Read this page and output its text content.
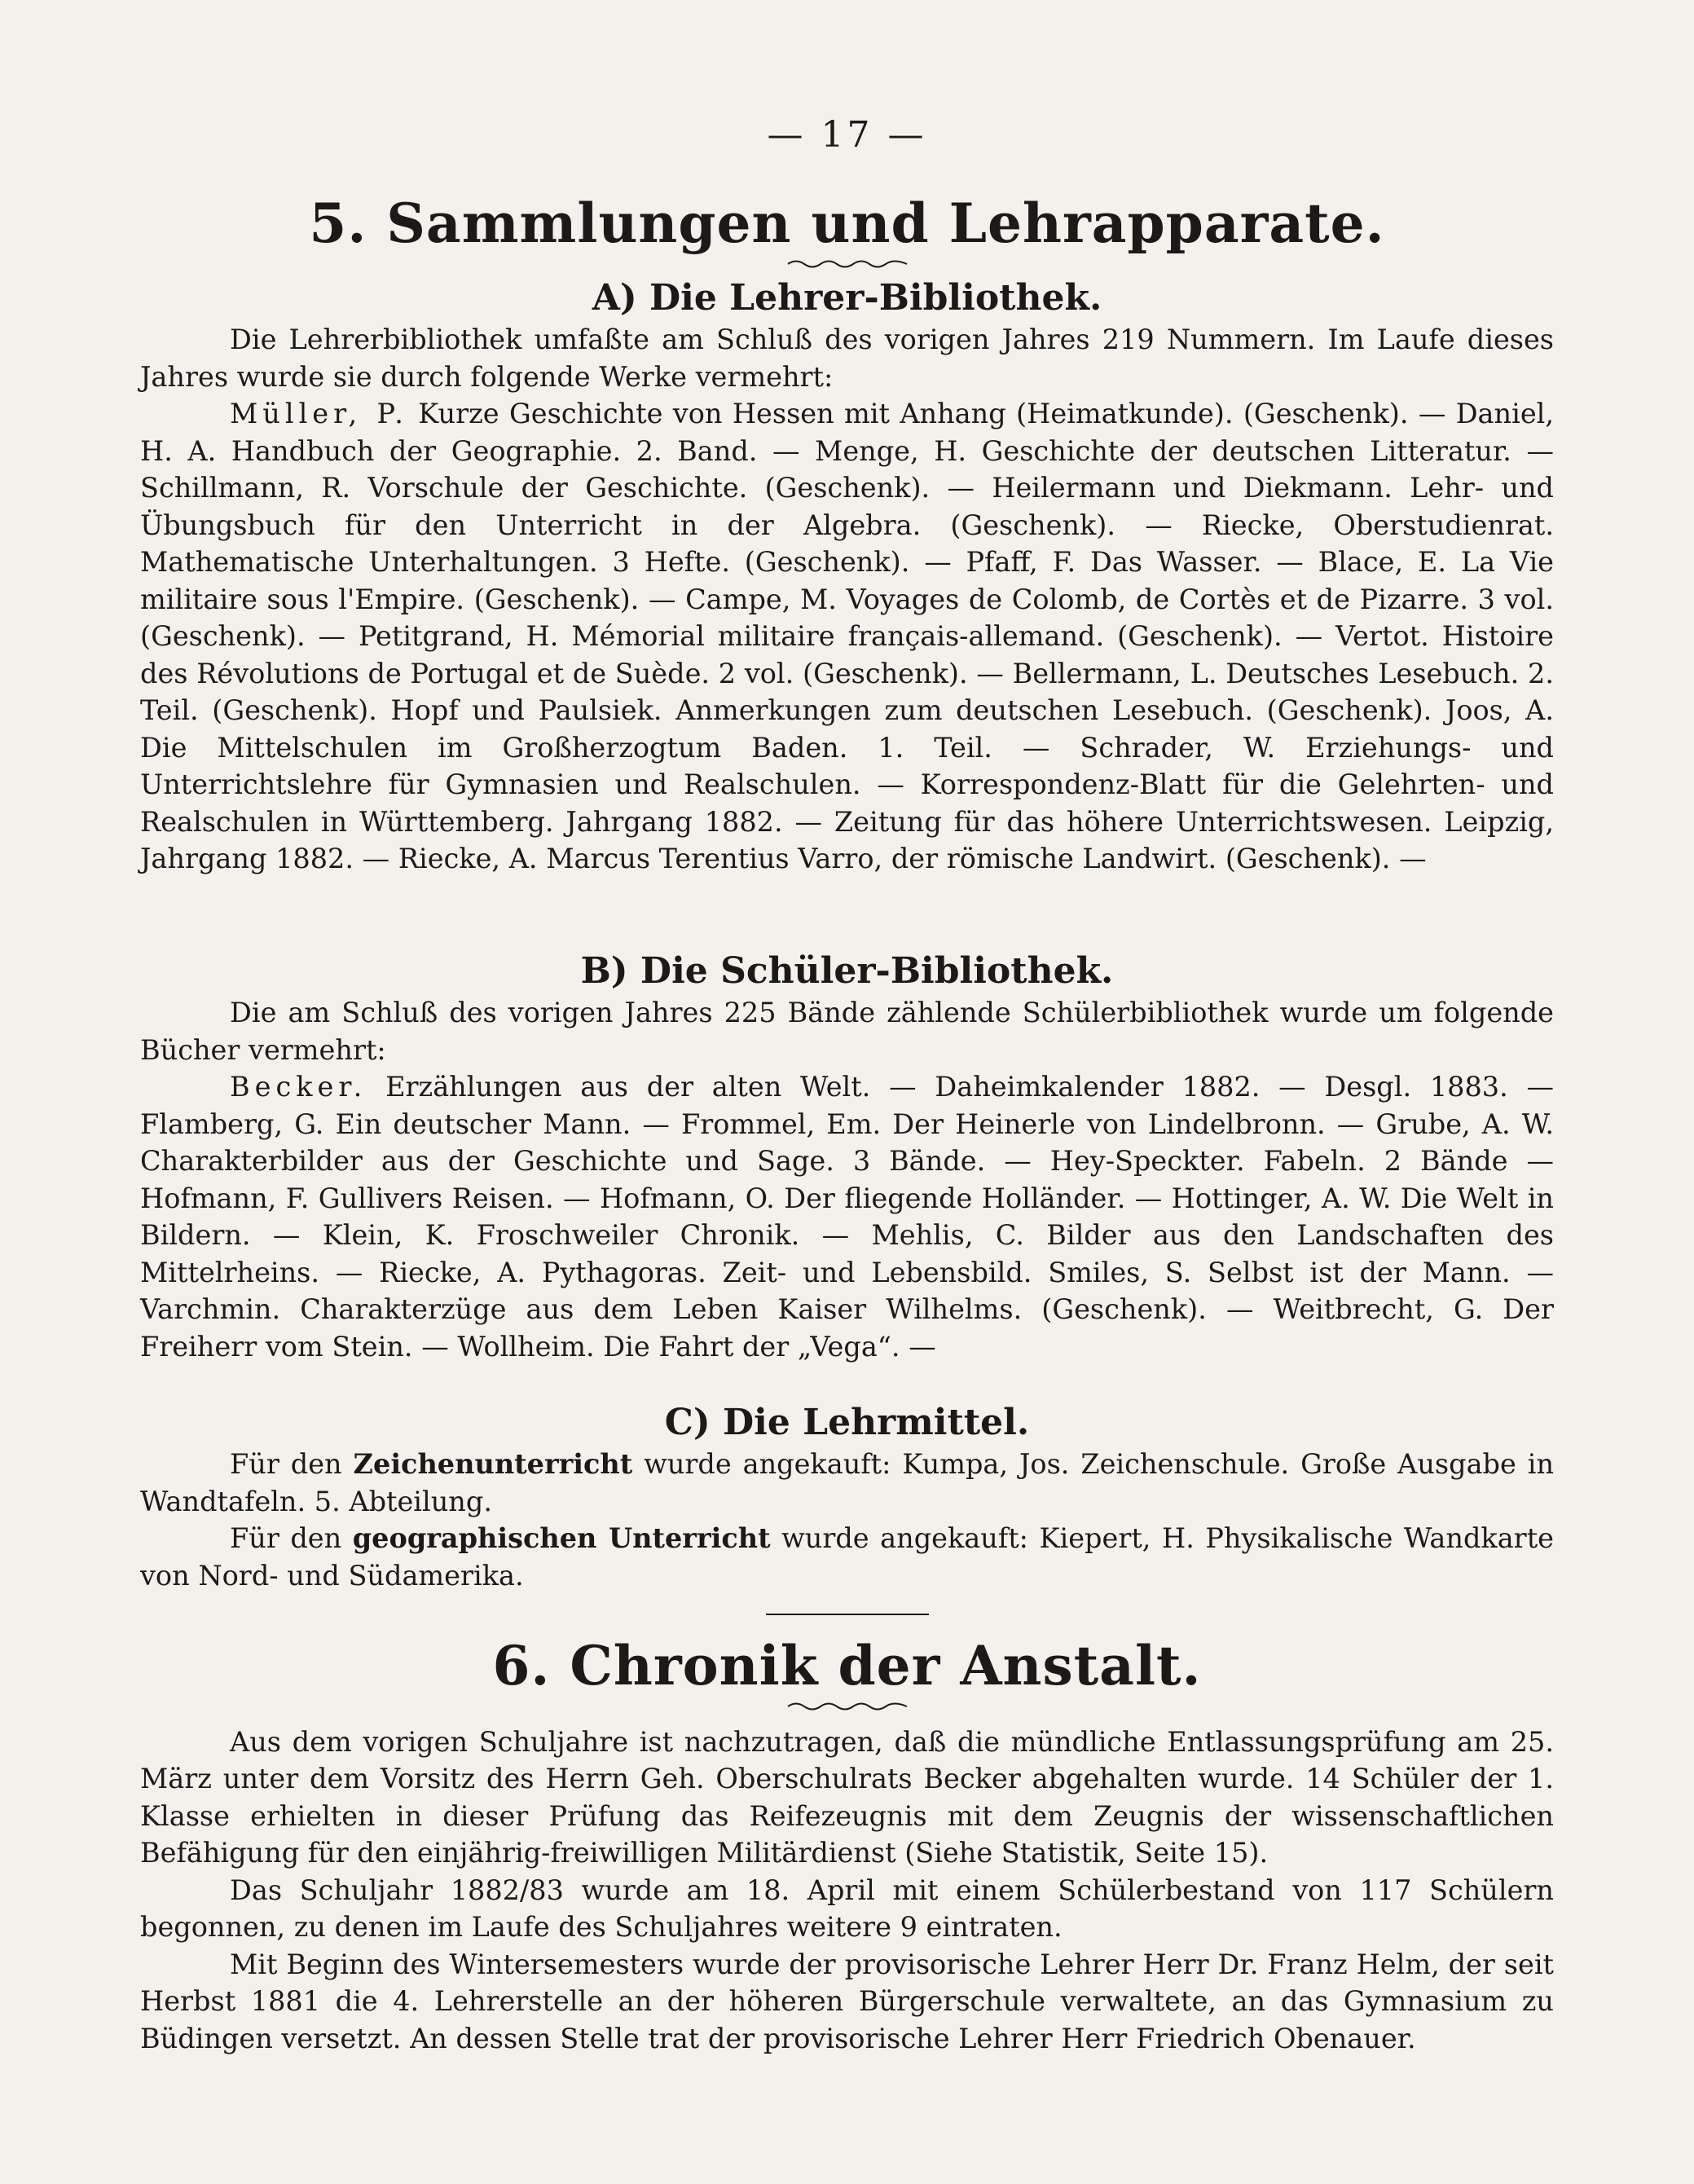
— 17 —
5. Sammlungen und Lehrapparate.
A) Die Lehrer-Bibliothek.

Die Lehrerbibliothek umfaßte am Schluß des vorigen Jahres 219 Nummern. Im Laufe dieses Jahres wurde sie durch folgende Werke vermehrt:

Müller, P. Kurze Geschichte von Hessen mit Anhang (Heimatkunde). (Geschenk). — Daniel, H. A. Handbuch der Geographie. 2. Band. — Menge, H. Geschichte der deutschen Litteratur. — Schillmann, R. Vorschule der Geschichte. (Geschenk). — Heilermann und Diekmann. Lehr- und Übungsbuch für den Unterricht in der Algebra. (Geschenk). — Riecke, Oberstudienrat. Mathematische Unterhaltungen. 3 Hefte. (Geschenk). — Pfaff, F. Das Wasser. — Blace, E. La Vie militaire sous l'Empire. (Geschenk). — Campe, M. Voyages de Colomb, de Cortès et de Pizarre. 3 vol. (Geschenk). — Petitgrand, H. Mémorial militaire français-allemand. (Geschenk). — Vertot. Histoire des Révolutions de Portugal et de Suède. 2 vol. (Geschenk). — Bellermann, L. Deutsches Lesebuch. 2. Teil. (Geschenk). Hopf und Paulsiek. Anmerkungen zum deutschen Lesebuch. (Geschenk). Joos, A. Die Mittelschulen im Großherzogtum Baden. 1. Teil. — Schrader, W. Erziehungs- und Unterrichtslehre für Gymnasien und Realschulen. — Korrespondenz-Blatt für die Gelehrten- und Realschulen in Württemberg. Jahrgang 1882. — Zeitung für das höhere Unterrichtswesen. Leipzig, Jahrgang 1882. — Riecke, A. Marcus Terentius Varro, der römische Landwirt. (Geschenk). —

B) Die Schüler-Bibliothek.

Die am Schluß des vorigen Jahres 225 Bände zählende Schülerbibliothek wurde um folgende Bücher vermehrt:

Becker. Erzählungen aus der alten Welt. — Daheimkalender 1882. — Desgl. 1883. — Flamberg, G. Ein deutscher Mann. — Frommel, Em. Der Heinerle von Lindelbronn. — Grube, A. W. Charakterbilder aus der Geschichte und Sage. 3 Bände. — Hey-Speckter. Fabeln. 2 Bände — Hofmann, F. Gullivers Reisen. — Hofmann, O. Der fliegende Holländer. — Hottinger, A. W. Die Welt in Bildern. — Klein, K. Froschweiler Chronik. — Mehlis, C. Bilder aus den Landschaften des Mittelrheins. — Riecke, A. Pythagoras. Zeit- und Lebensbild. Smiles, S. Selbst ist der Mann. — Varchmin. Charakterzüge aus dem Leben Kaiser Wilhelms. (Geschenk). — Weitbrecht, G. Der Freiherr vom Stein. — Wollheim. Die Fahrt der „Vega“. —

C) Die Lehrmittel.

Für den Zeichenunterricht wurde angekauft: Kumpa, Jos. Zeichenschule. Große Ausgabe in Wandtafeln. 5. Abteilung.

Für den geographischen Unterricht wurde angekauft: Kiepert, H. Physikalische Wandkarte von Nord- und Südamerika.

6. Chronik der Anstalt.

Aus dem vorigen Schuljahre ist nachzutragen, daß die mündliche Entlassungsprüfung am 25. März unter dem Vorsitz des Herrn Geh. Oberschulrats Becker abgehalten wurde. 14 Schüler der 1. Klasse erhielten in dieser Prüfung das Reifezeugnis mit dem Zeugnis der wissenschaftlichen Befähigung für den einjährig-freiwilligen Militärdienst (Siehe Statistik, Seite 15).

Das Schuljahr 1882/83 wurde am 18. April mit einem Schülerbestand von 117 Schülern begonnen, zu denen im Laufe des Schuljahres weitere 9 eintraten.

Mit Beginn des Wintersemesters wurde der provisorische Lehrer Herr Dr. Franz Helm, der seit Herbst 1881 die 4. Lehrerstelle an der höheren Bürgerschule verwaltete, an das Gymnasium zu Büdingen versetzt. An dessen Stelle trat der provisorische Lehrer Herr Friedrich Obenauer.
